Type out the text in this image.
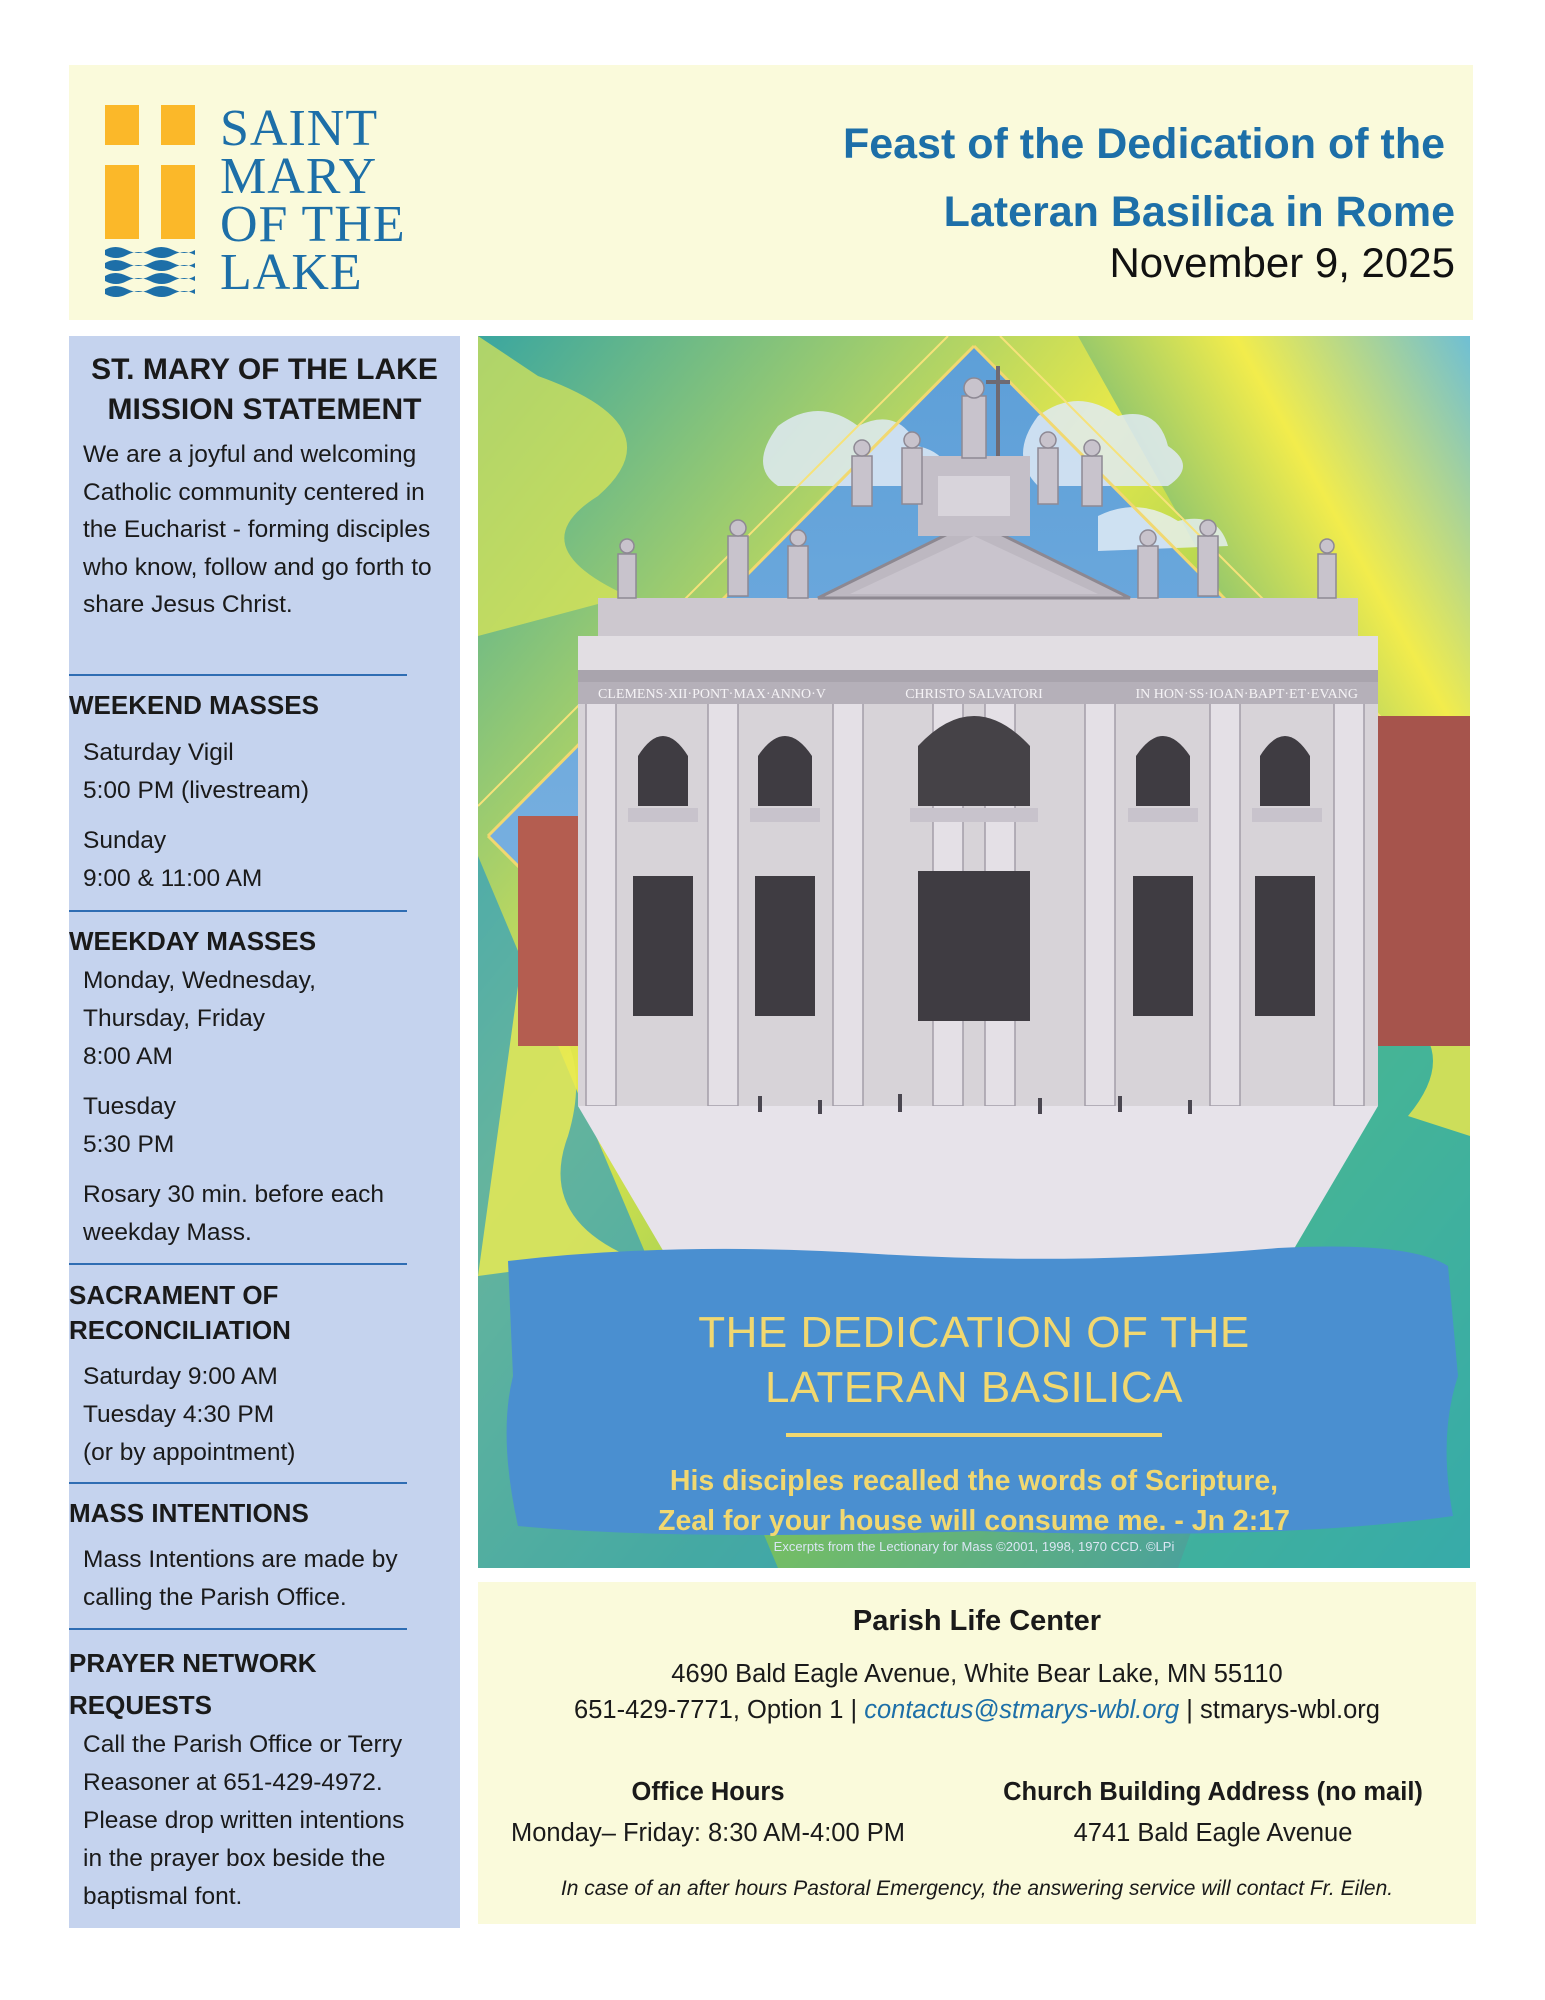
SAINT
MARY
OF THE
LAKE
Feast of the Dedication of the
Lateran Basilica in Rome
November 9, 2025
ST. MARY OF THE LAKE
MISSION STATEMENT
We are a joyful and welcoming Catholic community centered in the Eucharist - forming disciples who know, follow and go forth to share Jesus Christ.
WEEKEND MASSES
Saturday Vigil
5:00 PM (livestream)
Sunday
9:00 & 11:00 AM
WEEKDAY MASSES
Monday, Wednesday,
Thursday, Friday
8:00 AM
Tuesday
5:30 PM
Rosary 30 min. before each
weekday Mass.
SACRAMENT OF
RECONCILIATION
Saturday 9:00 AM
Tuesday 4:30 PM
(or by appointment)
MASS INTENTIONS
Mass Intentions are made by
calling the Parish Office.
PRAYER NETWORK
REQUESTS
Call the Parish Office or Terry
Reasoner at 651-429-4972.
Please drop written intentions
in the prayer box beside the
baptismal font.
CLEMENS·XII·PONT·MAX·ANNO·V	CHRISTO SALVATORI	IN HON·SS·IOAN·BAPT·ET·EVANG
THE DEDICATION OF THE
LATERAN BASILICA
His disciples recalled the words of Scripture,
Zeal for your house will consume me. - Jn 2:17
Excerpts from the Lectionary for Mass ©2001, 1998, 1970 CCD. ©LPi
Parish Life Center
4690 Bald Eagle Avenue, White Bear Lake, MN 55110
651-429-7771, Option 1 | contactus@stmarys-wbl.org | stmarys-wbl.org
Office Hours
Monday– Friday: 8:30 AM-4:00 PM
Church Building Address (no mail)
4741 Bald Eagle Avenue
In case of an after hours Pastoral Emergency, the answering service will contact Fr. Eilen.
